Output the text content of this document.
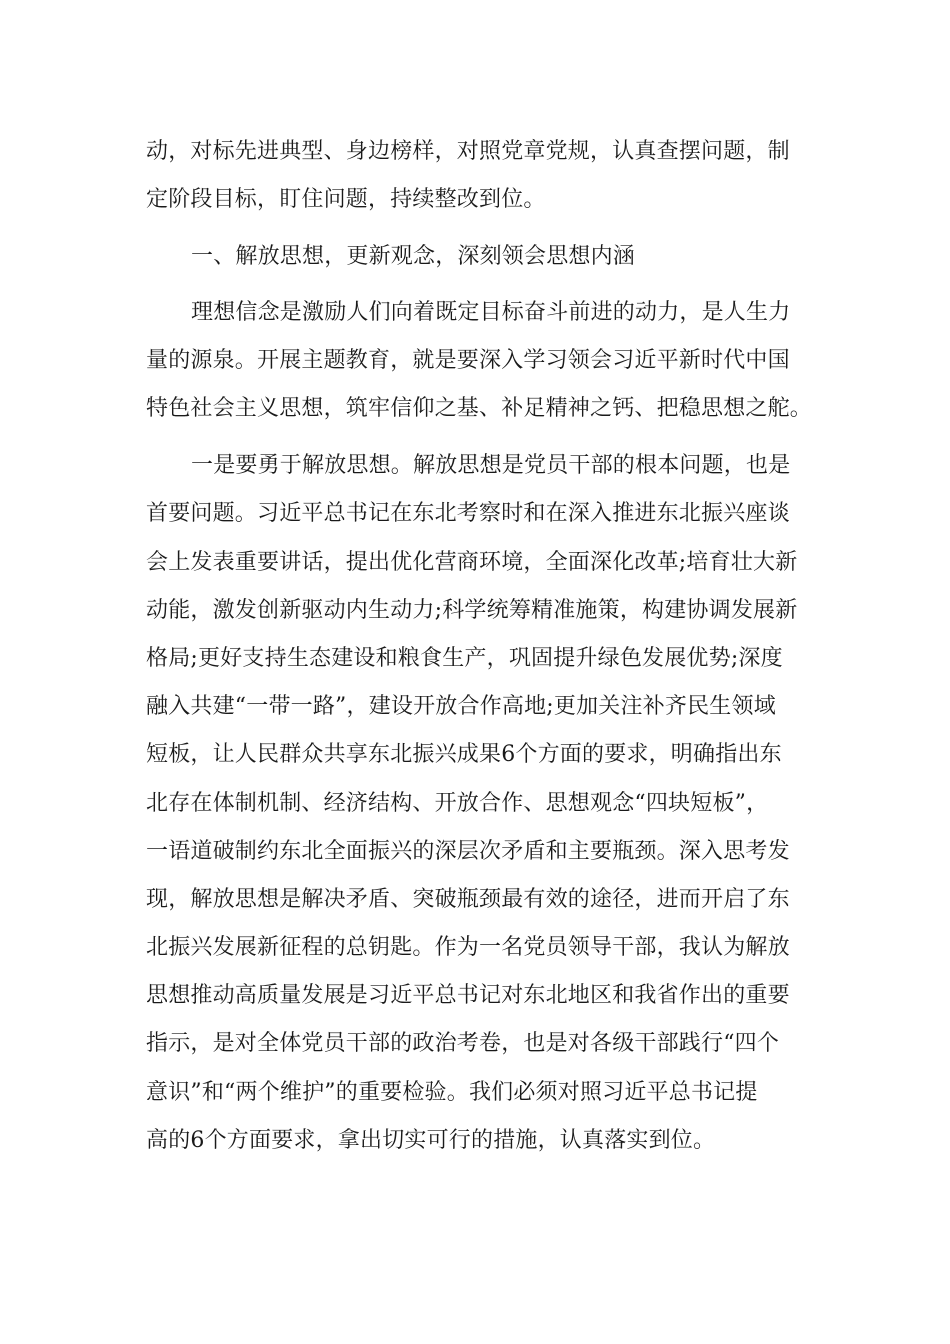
动，对标先进典型、身边榜样，对照党章党规，认真查摆问题，制
定阶段目标，盯住问题，持续整改到位。
一、解放思想，更新观念，深刻领会思想内涵
理想信念是激励人们向着既定目标奋斗前进的动力，是人生力
量的源泉。开展主题教育，就是要深入学习领会习近平新时代中国
特色社会主义思想，筑牢信仰之基、补足精神之钙、把稳思想之舵。
一是要勇于解放思想。解放思想是党员干部的根本问题，也是
首要问题。习近平总书记在东北考察时和在深入推进东北振兴座谈
会上发表重要讲话，提出优化营商环境，全面深化改革;培育壮大新
动能，激发创新驱动内生动力;科学统筹精准施策，构建协调发展新
格局;更好支持生态建设和粮食生产，巩固提升绿色发展优势;深度
融入共建“一带一路”，建设开放合作高地;更加关注补齐民生领域
短板，让人民群众共享东北振兴成果6个方面的要求，明确指出东
北存在体制机制、经济结构、开放合作、思想观念“四块短板”，
一语道破制约东北全面振兴的深层次矛盾和主要瓶颈。深入思考发
现，解放思想是解决矛盾、突破瓶颈最有效的途径，进而开启了东
北振兴发展新征程的总钥匙。作为一名党员领导干部，我认为解放
思想推动高质量发展是习近平总书记对东北地区和我省作出的重要
指示，是对全体党员干部的政治考卷，也是对各级干部践行“四个
意识”和“两个维护”的重要检验。我们必须对照习近平总书记提
高的6个方面要求，拿出切实可行的措施，认真落实到位。
